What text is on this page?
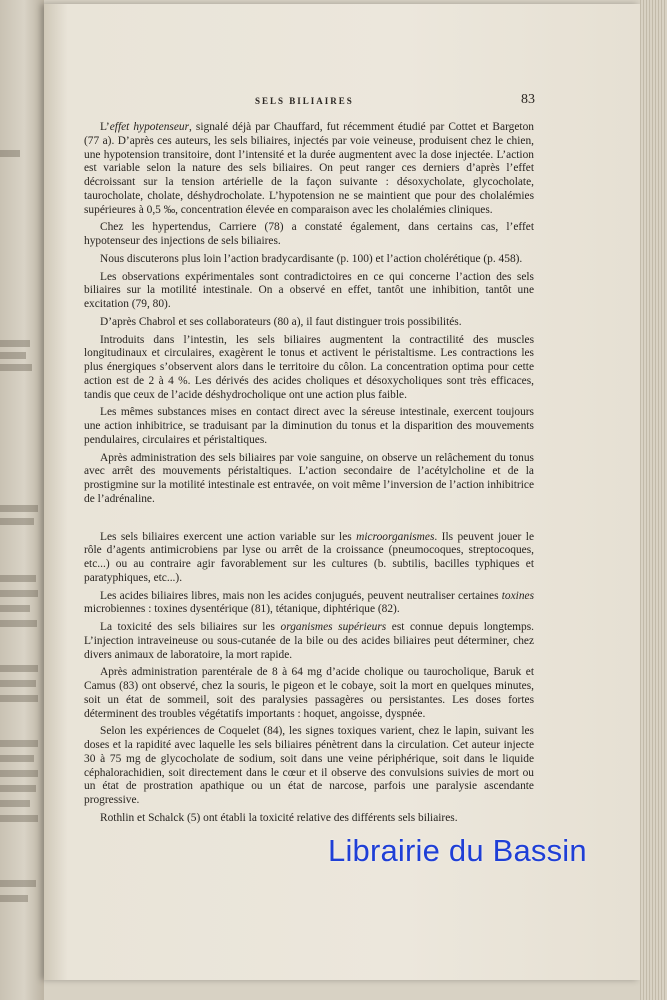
SELS BILIAIRES	83

L’effet hypotenseur, signalé déjà par Chauffard, fut récemment étudié par Cottet et Bargeton (77 a). D’après ces auteurs, les sels biliaires, injectés par voie veineuse, produisent chez le chien, une hypotension transitoire, dont l’intensité et la durée augmentent avec la dose injectée. L’action est variable selon la nature des sels biliaires. On peut ranger ces derniers d’après l’effet décroissant sur la tension artérielle de la façon suivante : désoxycholate, glycocholate, taurocholate, cholate, déshydrocholate. L’hypotension ne se maintient que pour des cholalémies supérieures à 0,5 ‰, concentration élevée en comparaison avec les cholalémies cliniques.

Chez les hypertendus, Carriere (78) a constaté également, dans certains cas, l’effet hypotenseur des injections de sels biliaires.

Nous discuterons plus loin l’action bradycardisante (p. 100) et l’action cholérétique (p. 458).

Les observations expérimentales sont contradictoires en ce qui concerne l’action des sels biliaires sur la motilité intestinale. On a observé en effet, tantôt une inhibition, tantôt une excitation (79, 80).

D’après Chabrol et ses collaborateurs (80 a), il faut distinguer trois possibilités.

Introduits dans l’intestin, les sels biliaires augmentent la contractilité des muscles longitudinaux et circulaires, exagèrent le tonus et activent le péristaltisme. Les contractions les plus énergiques s’observent alors dans le territoire du côlon. La concentration optima pour cette action est de 2 à 4 %. Les dérivés des acides choliques et désoxycholiques sont très efficaces, tandis que ceux de l’acide déshydrocholique ont une action plus faible.

Les mêmes substances mises en contact direct avec la séreuse intestinale, exercent toujours une action inhibitrice, se traduisant par la diminution du tonus et la disparition des mouvements pendulaires, circulaires et péristaltiques.

Après administration des sels biliaires par voie sanguine, on observe un relâchement du tonus avec arrêt des mouvements péristaltiques. L’action secondaire de l’acétylcholine et de la prostigmine sur la motilité intestinale est entravée, on voit même l’inversion de l’action inhibitrice de l’adrénaline.

Les sels biliaires exercent une action variable sur les microorganismes. Ils peuvent jouer le rôle d’agents antimicrobiens par lyse ou arrêt de la croissance (pneumocoques, streptocoques, etc...) ou au contraire agir favorablement sur les cultures (b. subtilis, bacilles typhiques et paratyphiques, etc...).

Les acides biliaires libres, mais non les acides conjugués, peuvent neutraliser certaines toxines microbiennes : toxines dysentérique (81), tétanique, diphtérique (82).

La toxicité des sels biliaires sur les organismes supérieurs est connue depuis longtemps. L’injection intraveineuse ou sous-cutanée de la bile ou des acides biliaires peut déterminer, chez divers animaux de laboratoire, la mort rapide.

Après administration parentérale de 8 à 64 mg d’acide cholique ou taurocholique, Baruk et Camus (83) ont observé, chez la souris, le pigeon et le cobaye, soit la mort en quelques minutes, soit un état de sommeil, soit des paralysies passagères ou persistantes. Les doses fortes déterminent des troubles végétatifs importants : hoquet, angoisse, dyspnée.

Selon les expériences de Coquelet (84), les signes toxiques varient, chez le lapin, suivant les doses et la rapidité avec laquelle les sels biliaires pénètrent dans la circulation. Cet auteur injecte 30 à 75 mg de glycocholate de sodium, soit dans une veine périphérique, soit dans le liquide céphalorachidien, soit directement dans le cœur et il observe des convulsions suivies de mort ou un état de prostration apathique ou un état de narcose, parfois une paralysie ascendante progressive.

Rothlin et Schalck (5) ont établi la toxicité relative des différents sels biliaires.

Librairie du Bassin
